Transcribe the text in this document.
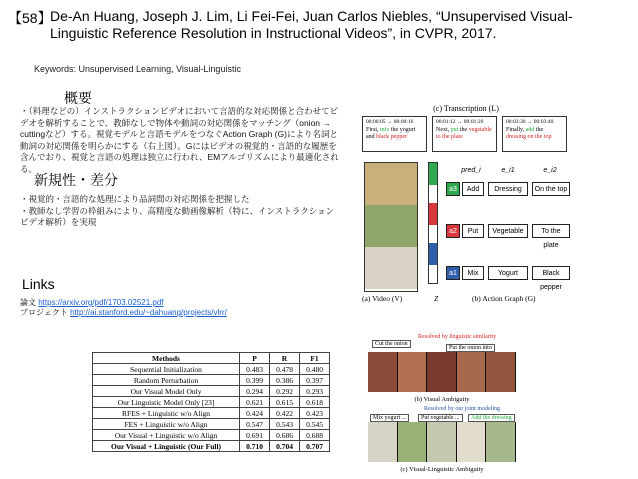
【58】
De-An Huang, Joseph J. Lim, Li Fei-Fei, Juan Carlos Niebles, “Unsupervised Visual-Linguistic Reference Resolution in Instructional Videos”, in CVPR, 2017.
Keywords: Unsupervised Learning, Visual-Linguistic
概要
・（料理などの）インストラクションビデオにおいて言語的な対応関係と合わせてビデオを解析することで、教師なしで物体や動詞の対応関係をマッチング（onion → cuttingなど）する。視覚モデルと言語モデルをつなぐAction Graph (G)により名詞と動詞の対応関係を明らかにする（右上図）。Gにはビデオの視覚的・言語的な履歴を含んでおり、視覚と言語の処理は独立に行われ、EMアルゴリズムにより最適化される。
新規性・差分
・視覚的・言語的な処理により品詞間の対応関係を把握した
・教師なし学習の枠組みにより、高精度な動画像解析（特に、インストラクションビデオ解析）を実現
Links
論文 https://arxiv.org/pdf/1703.02521.pdf
プロジェクト http://ai.stanford.edu/~dahuang/projects/vlrr/
(c) Transcription (L)
00:00:05 → 00:00:16
First, mix the yogurt and black pepper
00:01:12 → 00:01:20
Next, put the vegetable to the plate
00:03:30 → 00:03:40
Finally, add the dressing on the top
pred_i	e_i1	e_i2
a3	Add	Dressing	On the top
a2	Put	Vegetable	To the plate
a1	Mix	Yogurt	Black pepper
(a) Video (V)	Z	(b) Action Graph (G)
Methods	P	R	F1
Sequential Initialization	0.483	0.478	0.480
Random Perturbation	0.399	0.386	0.397
Our Visual Model Only	0.294	0.292	0.293
Our Linguistic Model Only [23]	0.621	0.615	0.618
RFES + Linguistic w/o Align	0.424	0.422	0.423
FES + Linguistic w/o Align	0.547	0.543	0.545
Our Visual + Linguistic w/o Align	0.691	0.686	0.688
Our Visual + Linguistic (Our Full)	0.710	0.704	0.707
Resolved by linguistic similarity
Cut the onion
Put the onion into
(b) Visual Ambiguity
Resolved by our joint modeling
Mix yogurt ...	Put vegetable ...	Add the dressing
(c) Visual-Linguistic Ambiguity
